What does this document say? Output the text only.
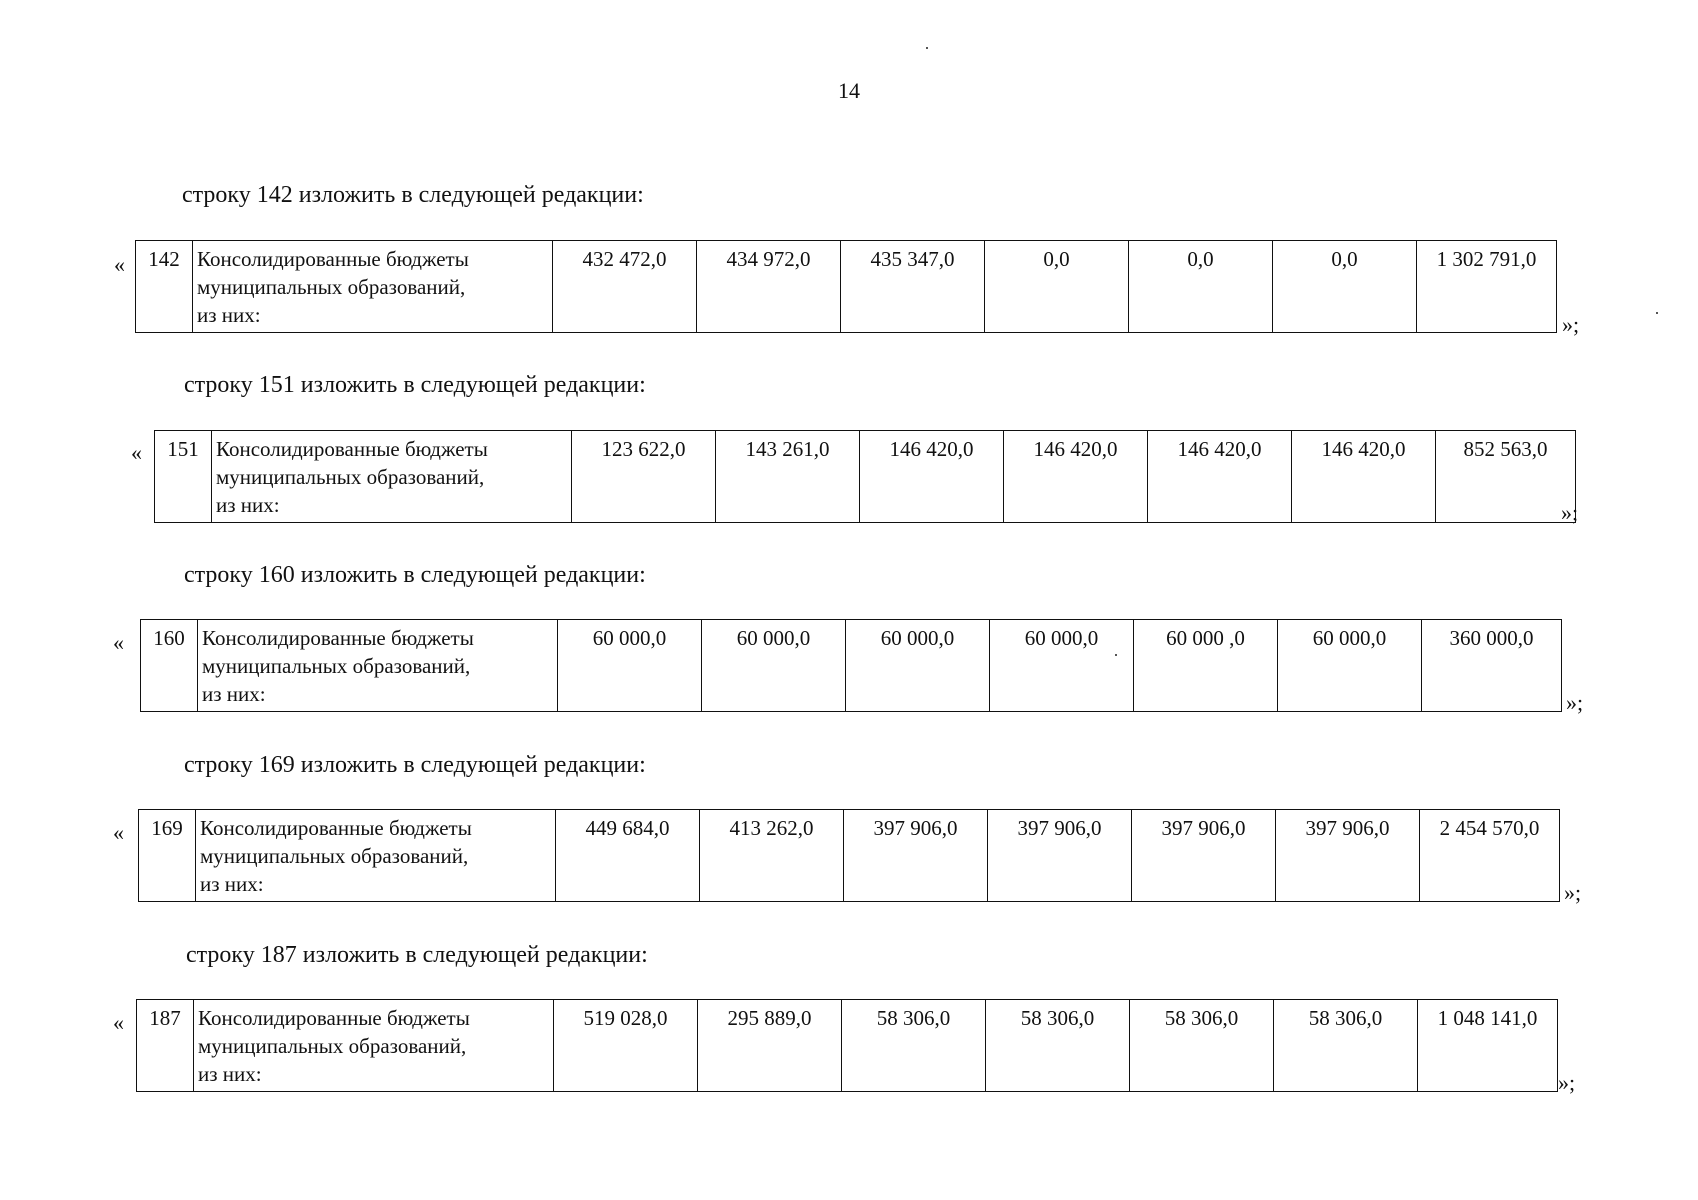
14
строку 142 изложить в следующей редакции:
« 142	Консолидированные бюджеты
муниципальных образований,
из них:
	432 472,0	434 972,0	435 347,0	0,0	0,0	0,0	1 302 791,0
»;
строку 151 изложить в следующей редакции:
« 151	Консолидированные бюджеты
муниципальных образований,
из них:
	123 622,0	143 261,0	146 420,0	146 420,0	146 420,0	146 420,0	852 563,0
»;
строку 160 изложить в следующей редакции:
« 160	Консолидированные бюджеты
муниципальных образований,
из них:
	60 000,0	60 000,0	60 000,0	60 000,0	60 000 ,0	60 000,0	360 000,0
»;
строку 169 изложить в следующей редакции:
« 169	Консолидированные бюджеты
муниципальных образований,
из них:
	449 684,0	413 262,0	397 906,0	397 906,0	397 906,0	397 906,0	2 454 570,0
»;
строку 187 изложить в следующей редакции:
« 187	Консолидированные бюджеты
муниципальных образований,
из них:
	519 028,0	295 889,0	58 306,0	58 306,0	58 306,0	58 306,0	1 048 141,0
»;
